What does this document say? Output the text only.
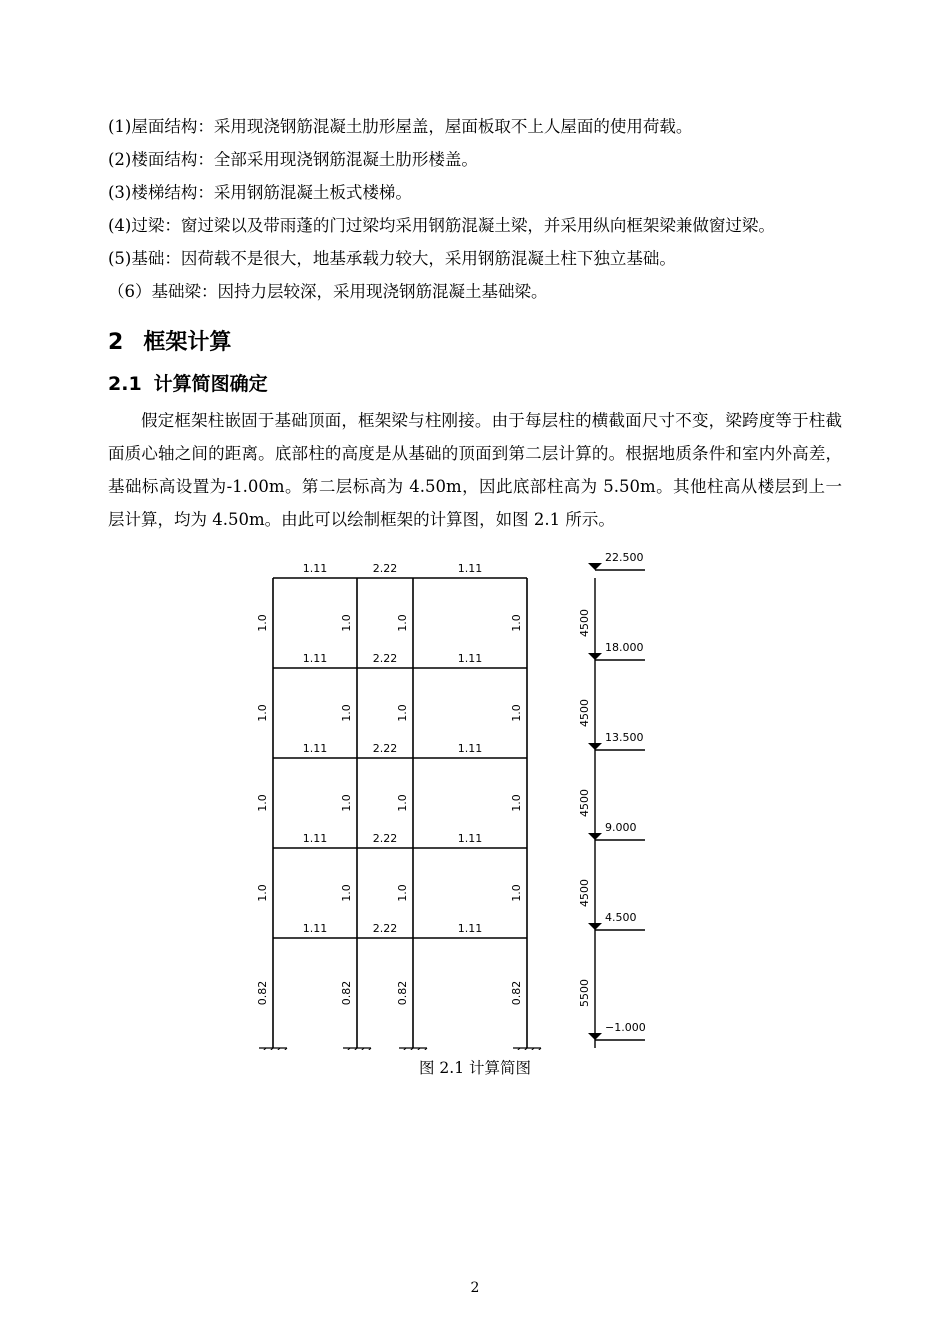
(1)屋面结构：采用现浇钢筋混凝土肋形屋盖，屋面板取不上人屋面的使用荷载。

(2)楼面结构：全部采用现浇钢筋混凝土肋形楼盖。

(3)楼梯结构：采用钢筋混凝土板式楼梯。

(4)过梁：窗过梁以及带雨蓬的门过梁均采用钢筋混凝土梁，并采用纵向框架梁兼做窗过梁。

(5)基础：因荷载不是很大，地基承载力较大，采用钢筋混凝土柱下独立基础。

（6）基础梁：因持力层较深，采用现浇钢筋混凝土基础梁。

2 框架计算
2.1 计算简图确定

假定框架柱嵌固于基础顶面，框架梁与柱刚接。由于每层柱的横截面尺寸不变，梁跨度等于柱截面质心轴之间的距离。底部柱的高度是从基础的顶面到第二层计算的。根据地质条件和室内外高差，基础标高设置为-1.00m。第二层标高为 4.50m，因此底部柱高为 5.50m。其他柱高从楼层到上一层计算，均为 4.50m。由此可以绘制框架的计算图，如图 2.1 所示。

1.11	2.22	1.11
1.11	2.22	1.11
1.11	2.22	1.11
1.11	2.22	1.11
1.11	2.22	1.11
1.0	1.0	1.0	1.0
1.0	1.0	1.0	1.0
1.0	1.0	1.0	1.0
1.0	1.0	1.0	1.0
0.82	0.82	0.82	0.82
4500
4500
4500
4500
5500
22.500
18.000
13.500
9.000
4.500
−1.000
图 2.1 计算简图
2
